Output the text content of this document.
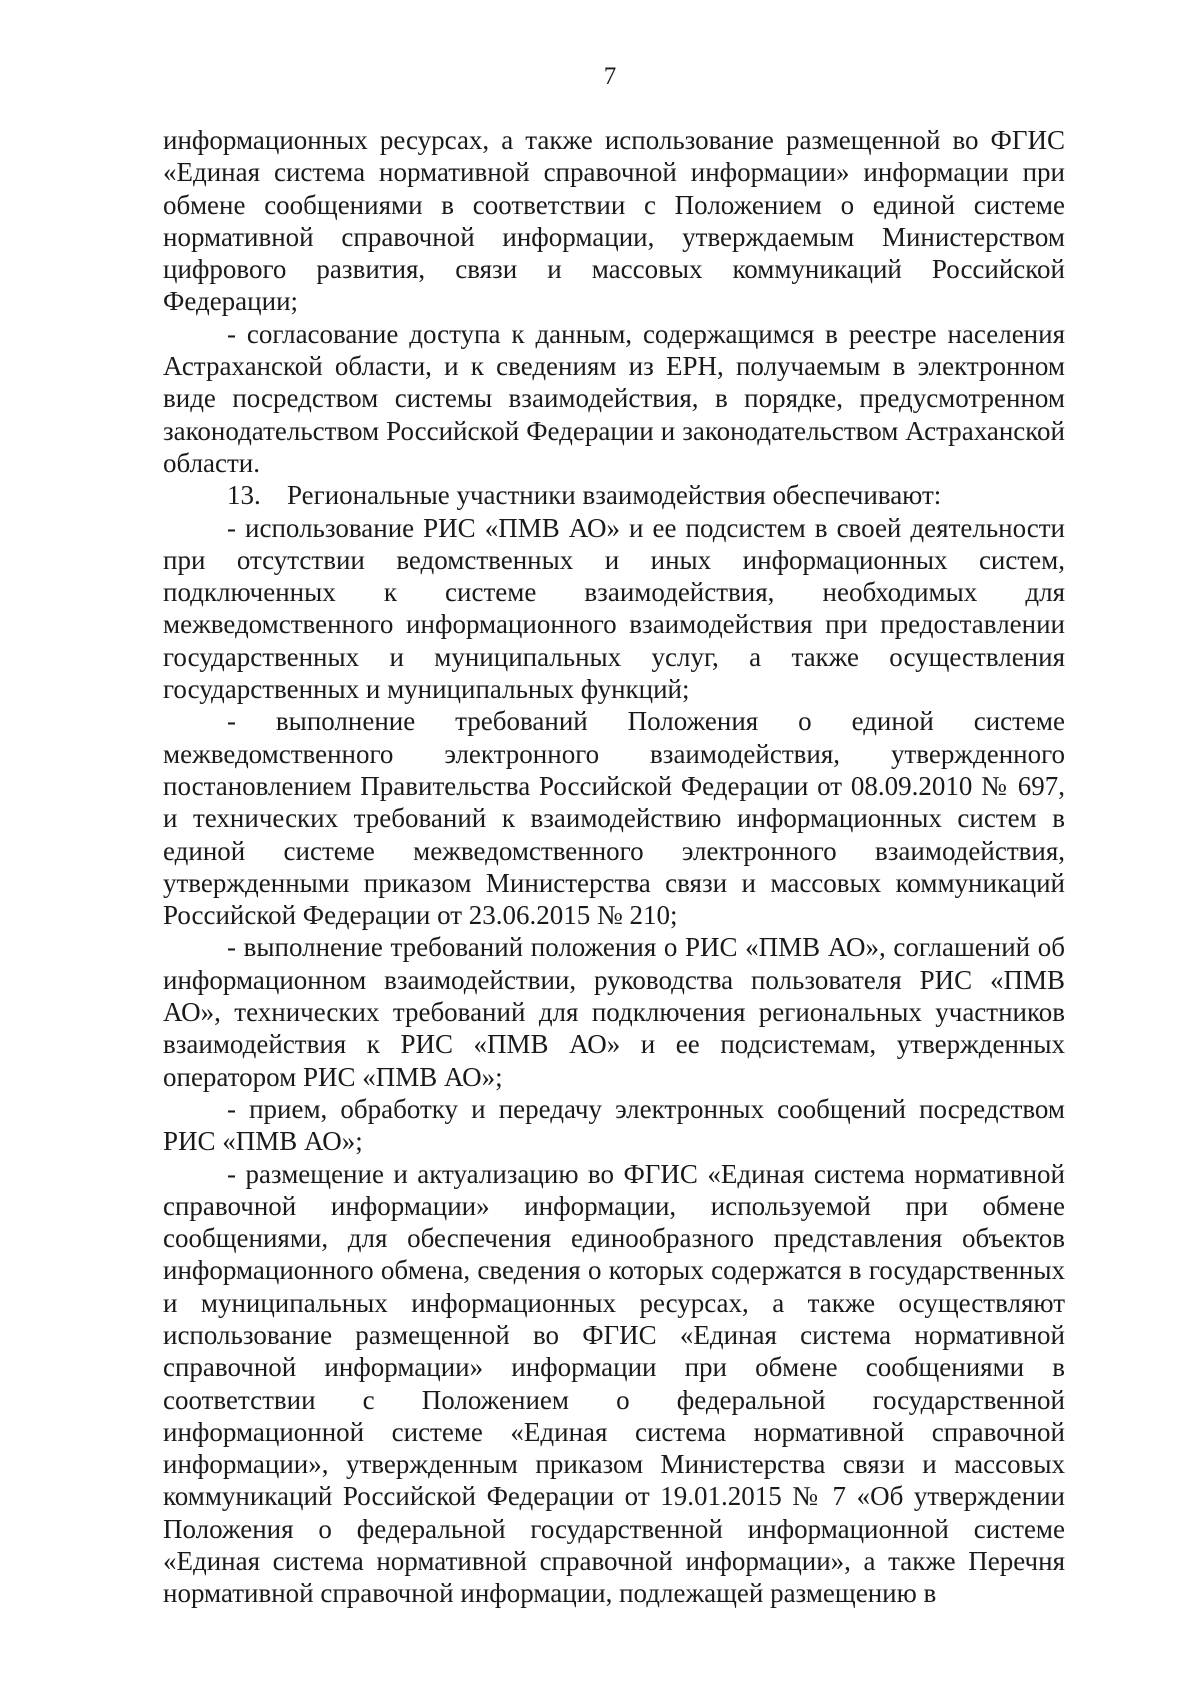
7

информационных ресурсах, а также использование размещенной во ФГИС «Единая система нормативной справочной информации» информации при обмене сообщениями в соответствии с Положением о единой системе нормативной справочной информации, утверждаемым Министерством цифрового развития, связи и массовых коммуникаций Российской Федерации;

- согласование доступа к данным, содержащимся в реестре населения Астраханской области, и к сведениям из ЕРН, получаемым в электронном виде посредством системы взаимодействия, в порядке, предусмотренном законодательством Российской Федерации и законодательством Астраханской области.

13. Региональные участники взаимодействия обеспечивают:

- использование РИС «ПМВ АО» и ее подсистем в своей деятельности при отсутствии ведомственных и иных информационных систем, подключенных к системе взаимодействия, необходимых для межведомственного информационного взаимодействия при предоставлении государственных и муниципальных услуг, а также осуществления государственных и муниципальных функций;

- выполнение требований Положения о единой системе межведомственного электронного взаимодействия, утвержденного постановлением Правительства Российской Федерации от 08.09.2010 № 697, и технических требований к взаимодействию информационных систем в единой системе межведомственного электронного взаимодействия, утвержденными приказом Министерства связи и массовых коммуникаций Российской Федерации от 23.06.2015 № 210;

- выполнение требований положения о РИС «ПМВ АО», соглашений об информационном взаимодействии, руководства пользователя РИС «ПМВ АО», технических требований для подключения региональных участников взаимодействия к РИС «ПМВ АО» и ее подсистемам, утвержденных оператором РИС «ПМВ АО»;

- прием, обработку и передачу электронных сообщений посредством РИС «ПМВ АО»;

- размещение и актуализацию во ФГИС «Единая система нормативной справочной информации» информации, используемой при обмене сообщениями, для обеспечения единообразного представления объектов информационного обмена, сведения о которых содержатся в государственных и муниципальных информационных ресурсах, а также осуществляют использование размещенной во ФГИС «Единая система нормативной справочной информации» информации при обмене сообщениями в соответствии с Положением о федеральной государственной информационной системе «Единая система нормативной справочной информации», утвержденным приказом Министерства связи и массовых коммуникаций Российской Федерации от 19.01.2015 № 7 «Об утверждении Положения о федеральной государственной информационной системе «Единая система нормативной справочной информации», а также Перечня нормативной справочной информации, подлежащей размещению в
